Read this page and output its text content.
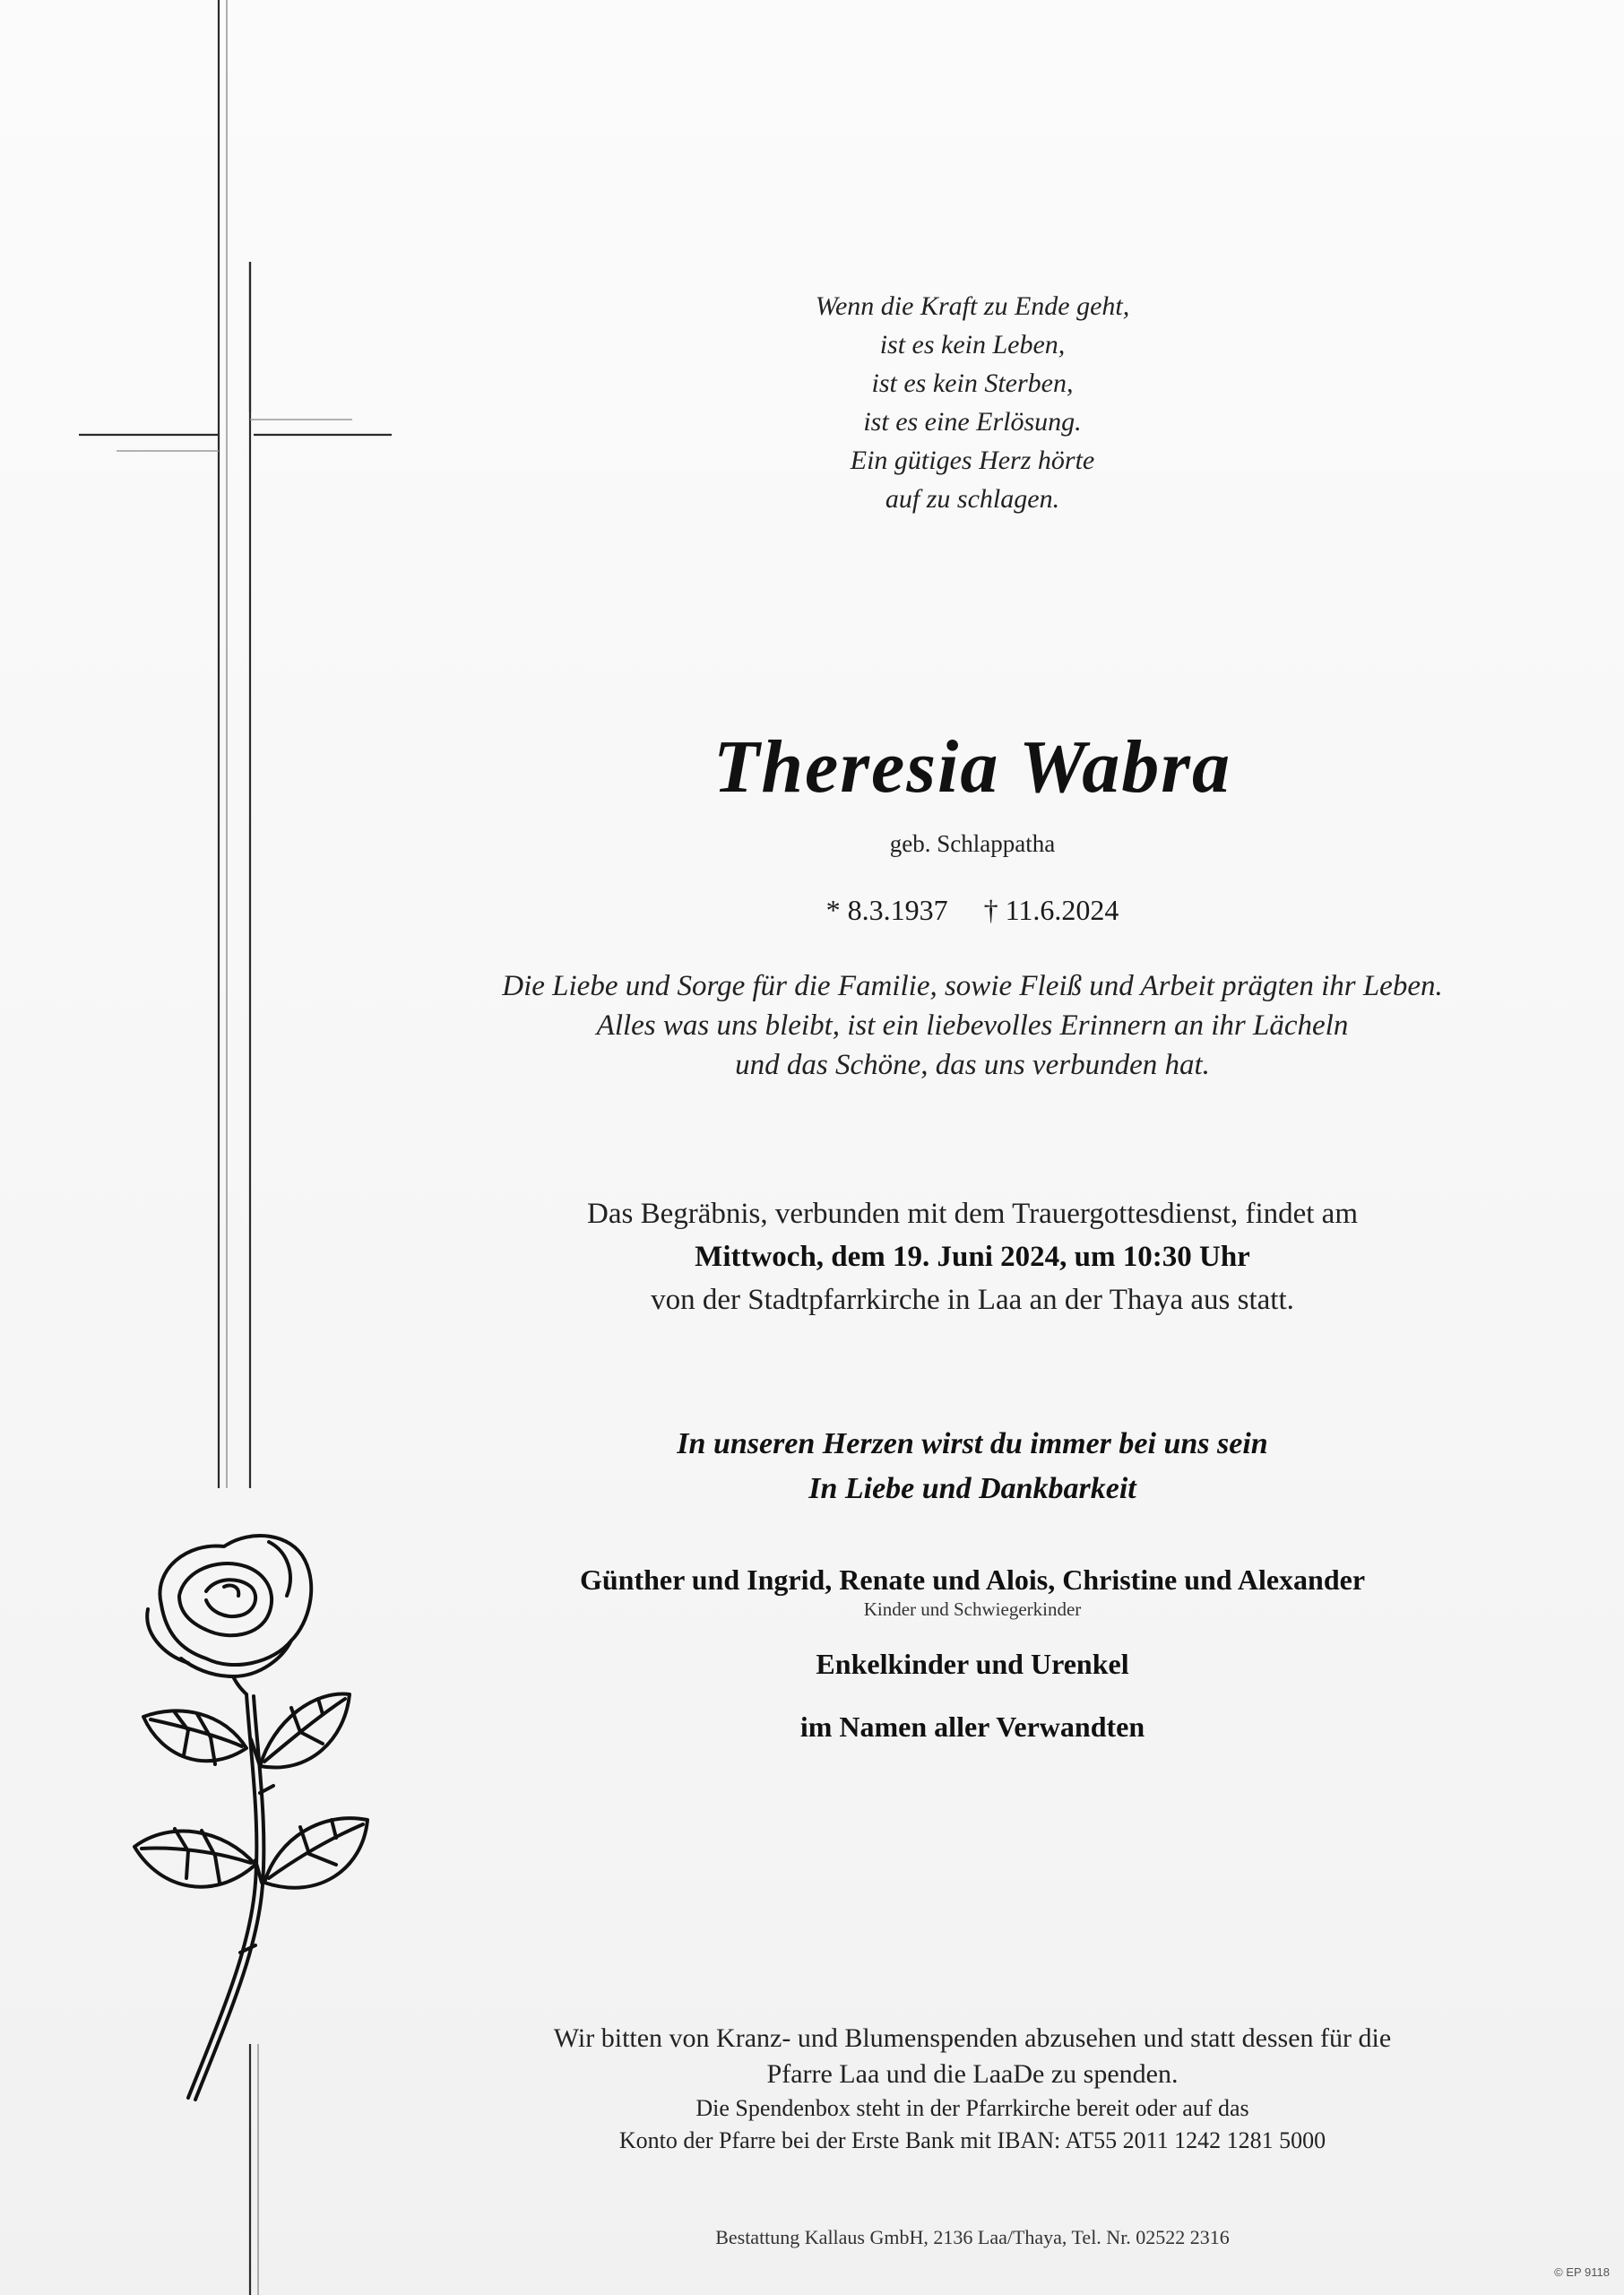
Wenn die Kraft zu Ende geht,
ist es kein Leben,
ist es kein Sterben,
ist es eine Erlösung.
Ein gütiges Herz hörte
auf zu schlagen.
Theresia Wabra
geb. Schlappatha
* 8.3.1937 † 11.6.2024
Die Liebe und Sorge für die Familie, sowie Fleiß und Arbeit prägten ihr Leben.
Alles was uns bleibt, ist ein liebevolles Erinnern an ihr Lächeln
und das Schöne, das uns verbunden hat.
Das Begräbnis, verbunden mit dem Trauergottesdienst, findet am
Mittwoch, dem 19. Juni 2024, um 10:30 Uhr
von der Stadtpfarrkirche in Laa an der Thaya aus statt.
In unseren Herzen wirst du immer bei uns sein
In Liebe und Dankbarkeit
Günther und Ingrid, Renate und Alois, Christine und Alexander
Kinder und Schwiegerkinder
Enkelkinder und Urenkel
im Namen aller Verwandten
Wir bitten von Kranz- und Blumenspenden abzusehen und statt dessen für die
Pfarre Laa und die LaaDe zu spenden.
Die Spendenbox steht in der Pfarrkirche bereit oder auf das
Konto der Pfarre bei der Erste Bank mit IBAN: AT55 2011 1242 1281 5000
Bestattung Kallaus GmbH, 2136 Laa/Thaya, Tel. Nr. 02522 2316
© EP 9118
